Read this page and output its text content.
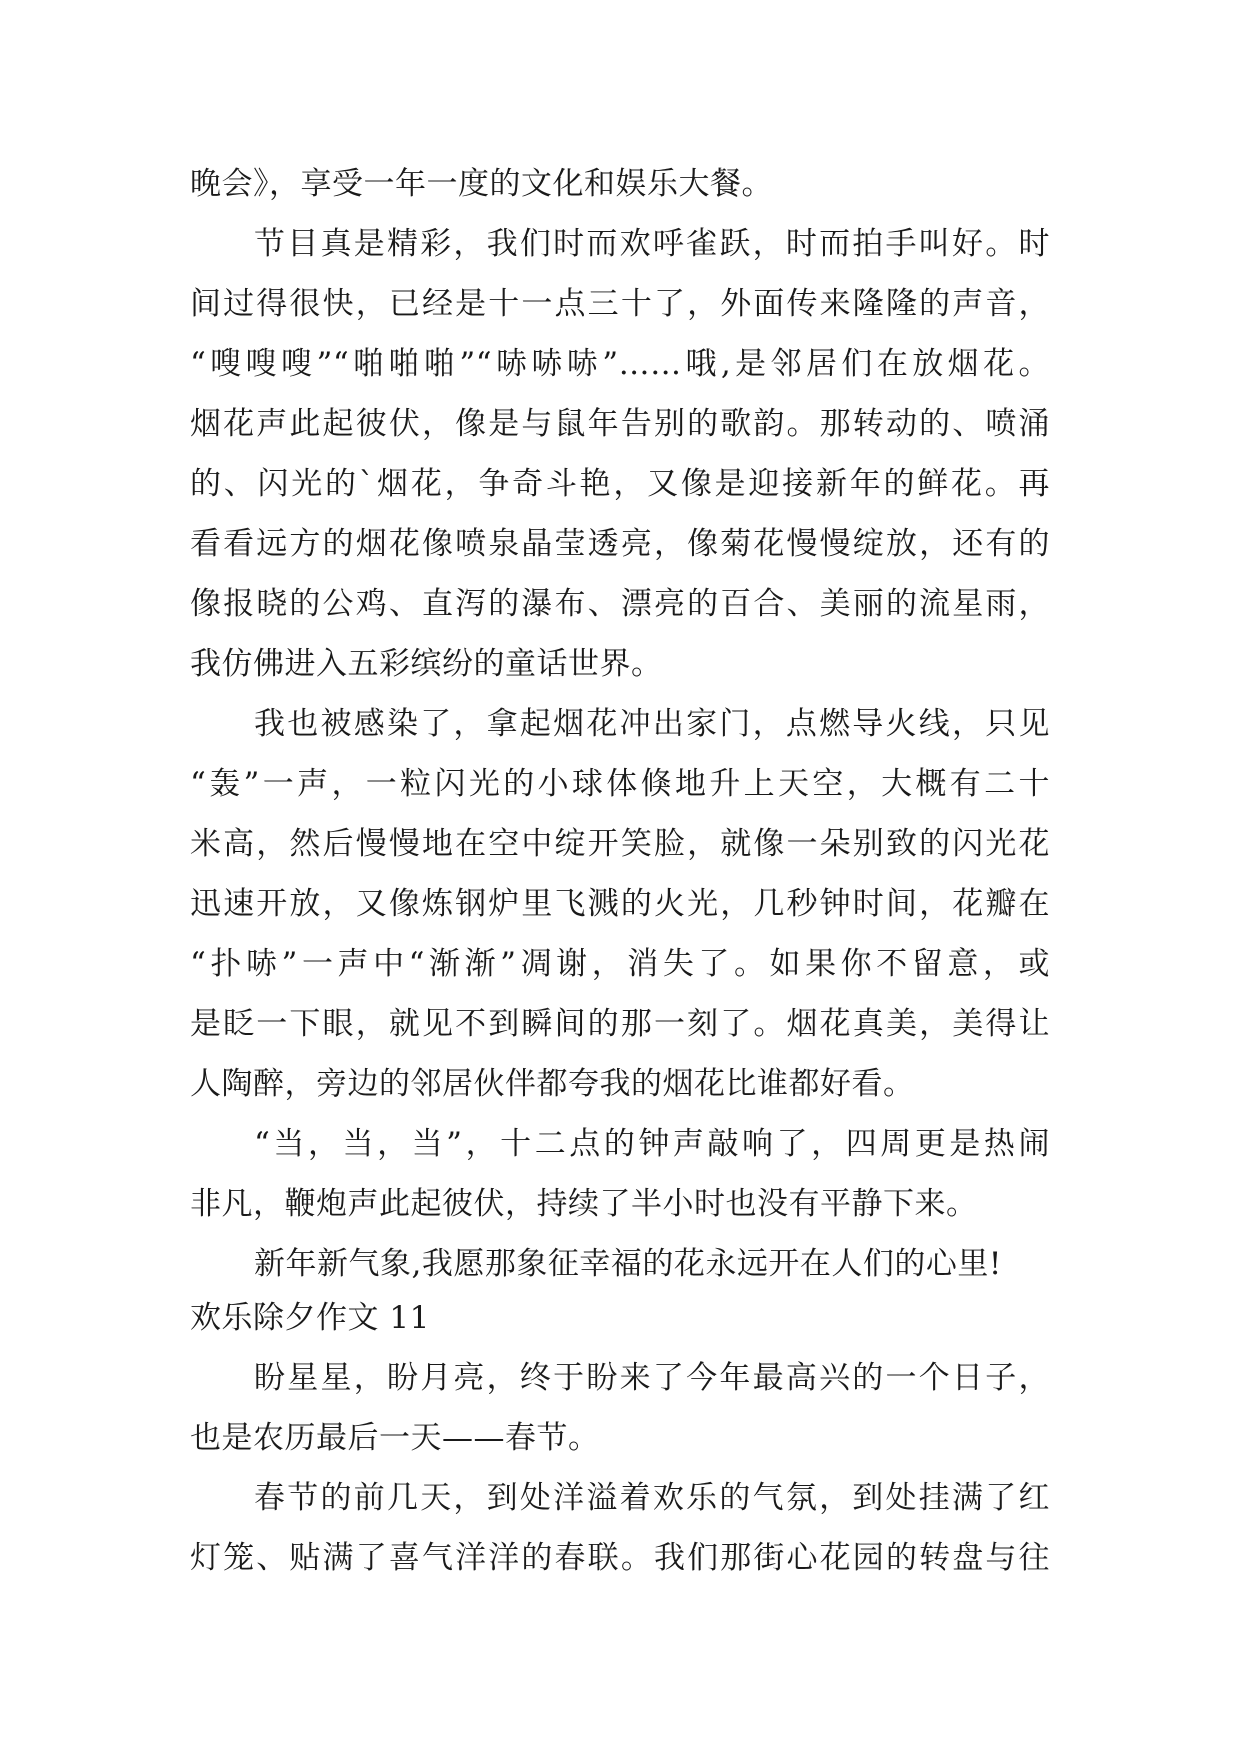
晚会》，享受一年一度的文化和娱乐大餐。
节目真是精彩，我们时而欢呼雀跃，时而拍手叫好。时
间过得很快，已经是十一点三十了，外面传来隆隆的声音，
“嗖嗖嗖”“啪啪啪”“哧哧哧”……哦,是邻居们在放烟花。
烟花声此起彼伏，像是与鼠年告别的歌韵。那转动的、喷涌
的、闪光的`烟花，争奇斗艳，又像是迎接新年的鲜花。再
看看远方的烟花像喷泉晶莹透亮，像菊花慢慢绽放，还有的
像报晓的公鸡、直泻的瀑布、漂亮的百合、美丽的流星雨，
我仿佛进入五彩缤纷的童话世界。
我也被感染了，拿起烟花冲出家门，点燃导火线，只见
“轰”一声，一粒闪光的小球体倏地升上天空，大概有二十
米高，然后慢慢地在空中绽开笑脸，就像一朵别致的闪光花
迅速开放，又像炼钢炉里飞溅的火光，几秒钟时间，花瓣在
“扑哧”一声中“渐渐”凋谢，消失了。如果你不留意，或
是眨一下眼，就见不到瞬间的那一刻了。烟花真美，美得让
人陶醉，旁边的邻居伙伴都夸我的烟花比谁都好看。
“当，当，当”，十二点的钟声敲响了，四周更是热闹
非凡，鞭炮声此起彼伏，持续了半小时也没有平静下来。
新年新气象,我愿那象征幸福的花永远开在人们的心里!
欢乐除夕作文 11
盼星星，盼月亮，终于盼来了今年最高兴的一个日子，
也是农历最后一天——春节。
春节的前几天，到处洋溢着欢乐的气氛，到处挂满了红
灯笼、贴满了喜气洋洋的春联。我们那街心花园的转盘与往
